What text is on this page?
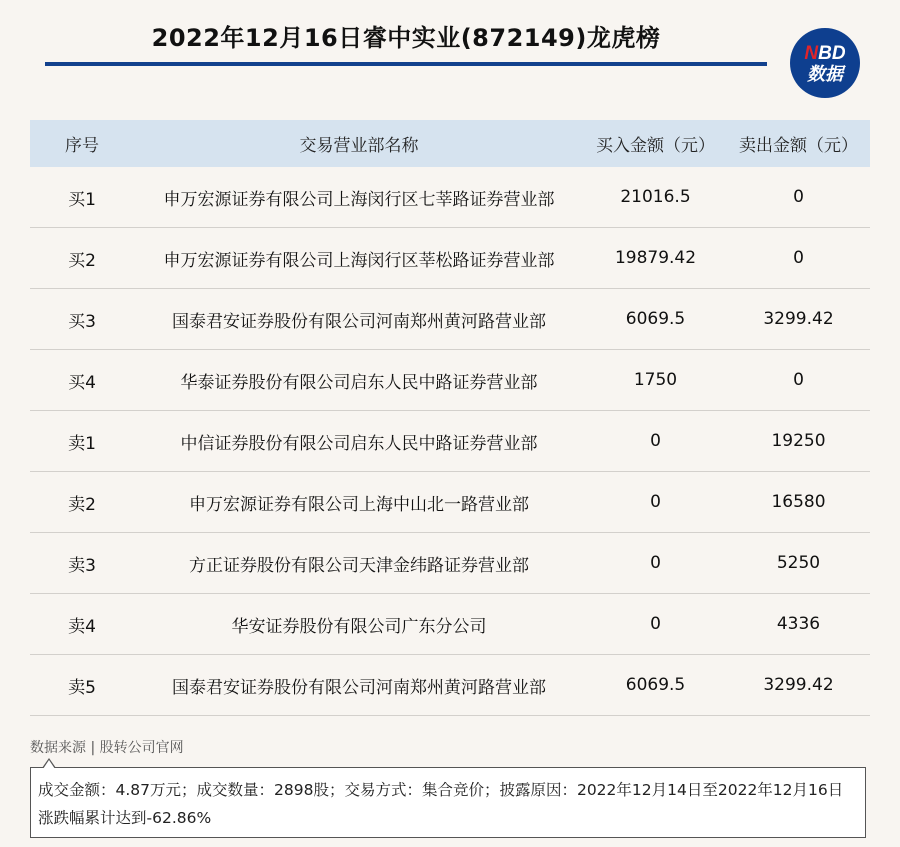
2022年12月16日睿中实业(872149)龙虎榜
NBD
数据
序号	交易营业部名称	买入金额（元）	卖出金额（元）
买1	申万宏源证券有限公司上海闵行区七莘路证券营业部	21016.5	0
买2	申万宏源证券有限公司上海闵行区莘松路证券营业部	19879.42	0
买3	国泰君安证券股份有限公司河南郑州黄河路营业部	6069.5	3299.42
买4	华泰证券股份有限公司启东人民中路证券营业部	1750	0
卖1	中信证券股份有限公司启东人民中路证券营业部	0	19250
卖2	申万宏源证券有限公司上海中山北一路营业部	0	16580
卖3	方正证券股份有限公司天津金纬路证券营业部	0	5250
卖4	华安证券股份有限公司广东分公司	0	4336
卖5	国泰君安证券股份有限公司河南郑州黄河路营业部	6069.5	3299.42
数据来源 | 股转公司官网
成交金额：4.87万元；成交数量：2898股；交易方式：集合竞价；披露原因：2022年12月14日至2022年12月16日涨跌幅累计达到-62.86%
